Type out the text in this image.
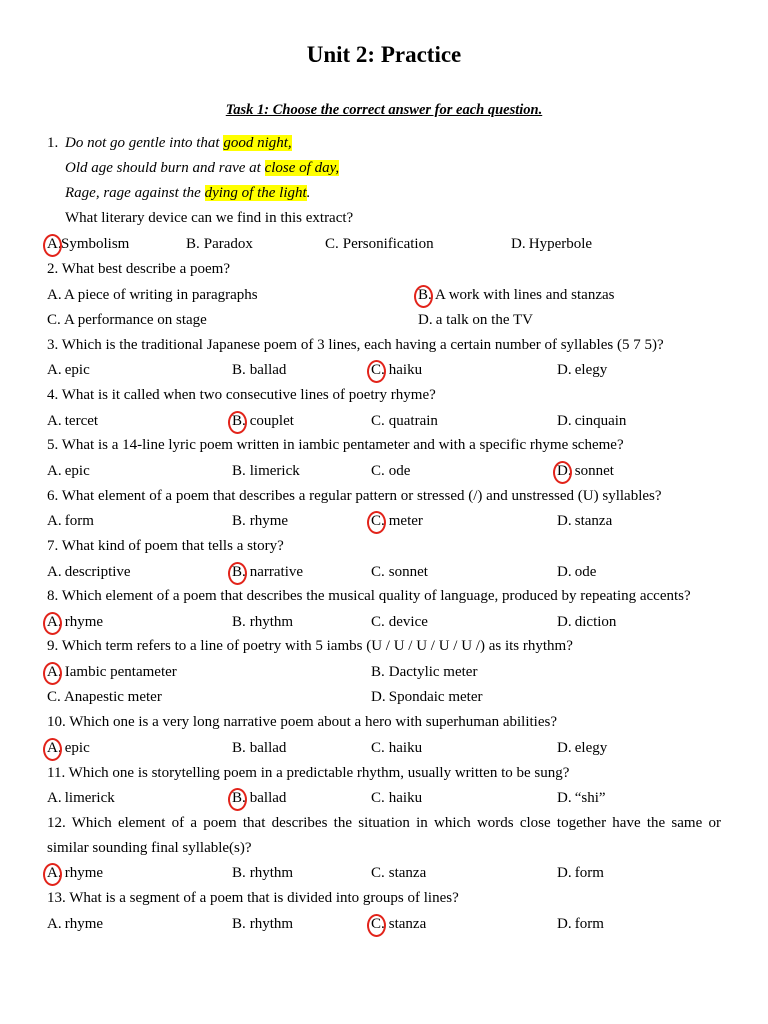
Unit 2: Practice
Task 1: Choose the correct answer for each question.
1. Do not go gentle into that good night,
Old age should burn and rave at close of day,
Rage, rage against the dying of the light.
What literary device can we find in this extract?
A.Symbolism	B. Paradox	C. Personification	D. Hyperbole
2. What best describe a poem?
A. A piece of writing in paragraphs	B. A work with lines and stanzas
C. A performance on stage	D. a talk on the TV
3. Which is the traditional Japanese poem of 3 lines, each having a certain number of syllables (5 7 5)?
A. epic	B. ballad	C. haiku	D. elegy
4. What is it called when two consecutive lines of poetry rhyme?
A. tercet	B. couplet	C. quatrain	D. cinquain
5. What is a 14-line lyric poem written in iambic pentameter and with a specific rhyme scheme?
A. epic	B. limerick	C. ode	D. sonnet
6. What element of a poem that describes a regular pattern or stressed (/) and unstressed (U) syllables?
A. form	B. rhyme	C. meter	D. stanza
7. What kind of poem that tells a story?
A. descriptive	B. narrative	C. sonnet	D. ode
8. Which element of a poem that describes the musical quality of language, produced by repeating accents?
A. rhyme	B. rhythm	C. device	D. diction
9. Which term refers to a line of poetry with 5 iambs (U / U / U / U / U /) as its rhythm?
A. Iambic pentameter	B. Dactylic meter
C. Anapestic meter	D. Spondaic meter
10. Which one is a very long narrative poem about a hero with superhuman abilities?
A. epic	B. ballad	C. haiku	D. elegy
11. Which one is storytelling poem in a predictable rhythm, usually written to be sung?
A. limerick	B. ballad	C. haiku	D. “shi”
12. Which element of a poem that describes the situation in which words close together have the same or
similar sounding final syllable(s)?
A. rhyme	B. rhythm	C. stanza	D. form
13. What is a segment of a poem that is divided into groups of lines?
A. rhyme	B. rhythm	C. stanza	D. form
